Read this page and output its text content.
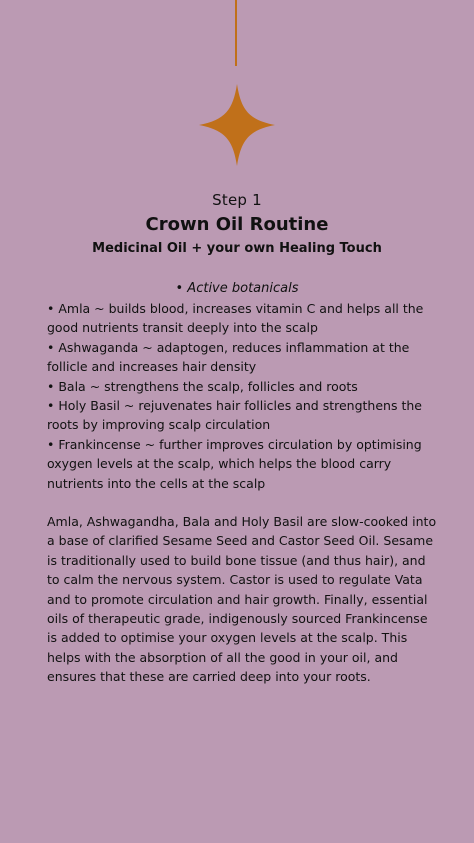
Step 1
Crown Oil Routine
Medicinal Oil + your own Healing Touch
• Active botanicals
• Amla ~ builds blood, increases vitamin C and helps all the good nutrients transit deeply into the scalp
• Ashwaganda ~ adaptogen, reduces inflammation at the follicle and increases hair density
• Bala ~ strengthens the scalp, follicles and roots
• Holy Basil ~ rejuvenates hair follicles and strengthens the roots by improving scalp circulation
• Frankincense ~ further improves circulation by optimising oxygen levels at the scalp, which helps the blood carry nutrients into the cells at the scalp

Amla, Ashwagandha, Bala and Holy Basil are slow-cooked into a base of clarified Sesame Seed and Castor Seed Oil. Sesame is traditionally used to build bone tissue (and thus hair), and to calm the nervous system. Castor is used to regulate Vata and to promote circulation and hair growth. Finally, essential oils of therapeutic grade, indigenously sourced Frankincense is added to optimise your oxygen levels at the scalp. This helps with the absorption of all the good in your oil, and ensures that these are carried deep into your roots.
